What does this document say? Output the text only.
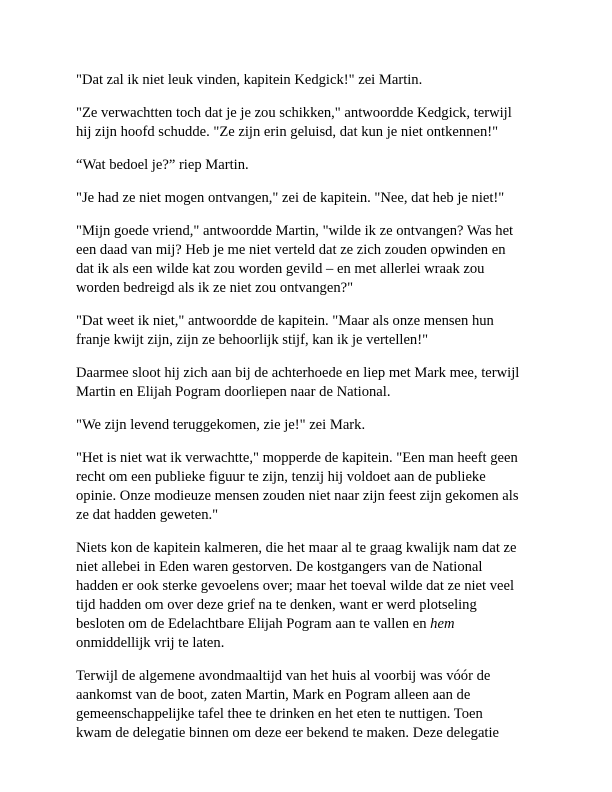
"Dat zal ik niet leuk vinden, kapitein Kedgick!" zei Martin.

"Ze verwachtten toch dat je je zou schikken," antwoordde Kedgick, terwijl
hij zijn hoofd schudde. "Ze zijn erin geluisd, dat kun je niet ontkennen!"

“Wat bedoel je?” riep Martin.

"Je had ze niet mogen ontvangen," zei de kapitein. "Nee, dat heb je niet!"

"Mijn goede vriend," antwoordde Martin, "wilde ik ze ontvangen? Was het
een daad van mij? Heb je me niet verteld dat ze zich zouden opwinden en
dat ik als een wilde kat zou worden gevild – en met allerlei wraak zou
worden bedreigd als ik ze niet zou ontvangen?"

"Dat weet ik niet," antwoordde de kapitein. "Maar als onze mensen hun
franje kwijt zijn, zijn ze behoorlijk stijf, kan ik je vertellen!"

Daarmee sloot hij zich aan bij de achterhoede en liep met Mark mee, terwijl
Martin en Elijah Pogram doorliepen naar de National.

"We zijn levend teruggekomen, zie je!" zei Mark.

"Het is niet wat ik verwachtte," mopperde de kapitein. "Een man heeft geen
recht om een publieke figuur te zijn, tenzij hij voldoet aan de publieke
opinie. Onze modieuze mensen zouden niet naar zijn feest zijn gekomen als
ze dat hadden geweten."

Niets kon de kapitein kalmeren, die het maar al te graag kwalijk nam dat ze
niet allebei in Eden waren gestorven. De kostgangers van de National
hadden er ook sterke gevoelens over; maar het toeval wilde dat ze niet veel
tijd hadden om over deze grief na te denken, want er werd plotseling
besloten om de Edelachtbare Elijah Pogram aan te vallen en hem
onmiddellijk vrij te laten.

Terwijl de algemene avondmaaltijd van het huis al voorbij was vóór de
aankomst van de boot, zaten Martin, Mark en Pogram alleen aan de
gemeenschappelijke tafel thee te drinken en het eten te nuttigen. Toen
kwam de delegatie binnen om deze eer bekend te maken. Deze delegatie
